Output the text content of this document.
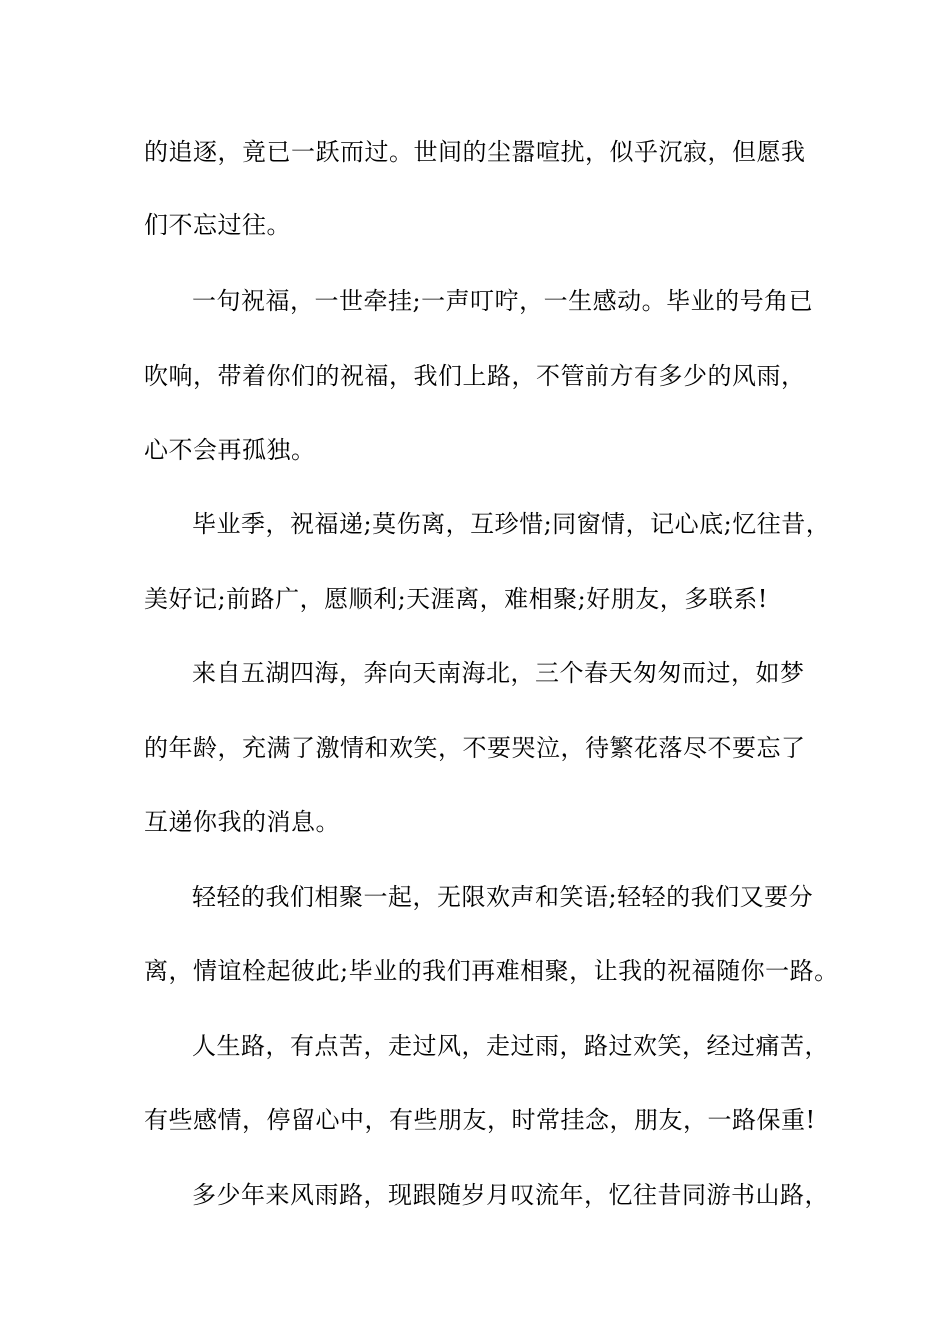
的追逐，竟已一跃而过。世间的尘嚣喧扰，似乎沉寂，但愿我
们不忘过往。
一句祝福，一世牵挂;一声叮咛，一生感动。毕业的号角已
吹响，带着你们的祝福，我们上路，不管前方有多少的风雨，
心不会再孤独。
毕业季，祝福递;莫伤离，互珍惜;同窗情，记心底;忆往昔，
美好记;前路广，愿顺利;天涯离，难相聚;好朋友，多联系!
来自五湖四海，奔向天南海北，三个春天匆匆而过，如梦
的年龄，充满了激情和欢笑，不要哭泣，待繁花落尽不要忘了
互递你我的消息。
轻轻的我们相聚一起，无限欢声和笑语;轻轻的我们又要分
离，情谊栓起彼此;毕业的我们再难相聚，让我的祝福随你一路。
人生路，有点苦，走过风，走过雨，路过欢笑，经过痛苦，
有些感情，停留心中，有些朋友，时常挂念，朋友，一路保重!
多少年来风雨路，现跟随岁月叹流年，忆往昔同游书山路，
